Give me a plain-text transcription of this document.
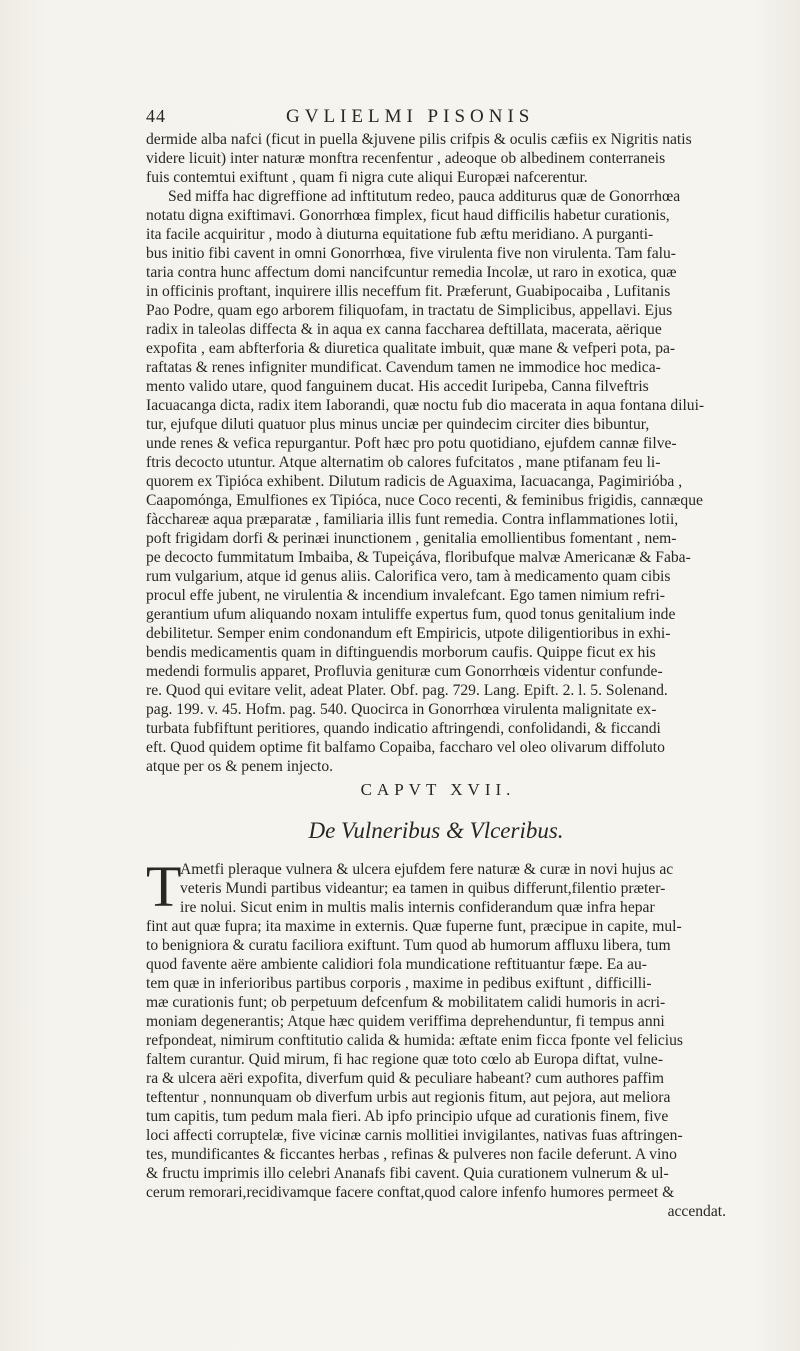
44	GVLIELMI PISONIS
dermide alba nafci (ficut in puella &juvene pilis crifpis & oculis cæfiis ex Nigritis natis
videre licuit) inter naturæ monftra recenfentur , adeoque ob albedinem conterraneis
fuis contemtui exiftunt , quam fi nigra cute aliqui Europæi nafcerentur.
Sed miffa hac digreffione ad inftitutum redeo, pauca additurus quæ de Gonorrhœa
notatu digna exiftimavi. Gonorrhœa fimplex, ficut haud difficilis habetur curationis,
ita facile acquiritur , modo à diuturna equitatione fub æftu meridiano. A purganti-
bus initio fibi cavent in omni Gonorrhœa, five virulenta five non virulenta. Tam falu-
taria contra hunc affectum domi nancifcuntur remedia Incolæ, ut raro in exotica, quæ
in officinis proftant, inquirere illis neceffum fit. Præferunt, Guabipocaiba , Lufitanis
Pao Podre, quam ego arborem filiquofam, in tractatu de Simplicibus, appellavi. Ejus
radix in taleolas diffecta & in aqua ex canna faccharea deftillata, macerata, aërique
expofita , eam abfterforia & diuretica qualitate imbuit, quæ mane & vefperi pota, pa-
raftatas & renes infigniter mundificat. Cavendum tamen ne immodice hoc medica-
mento valido utare, quod fanguinem ducat. His accedit Iuripeba, Canna filveftris
Iacuacanga dicta, radix item Iaborandi, quæ noctu fub dio macerata in aqua fontana dilui-
tur, ejufque diluti quatuor plus minus unciæ per quindecim circiter dies bibuntur,
unde renes & vefica repurgantur. Poft hæc pro potu quotidiano, ejufdem cannæ filve-
ftris decocto utuntur. Atque alternatim ob calores fufcitatos , mane ptifanam feu li-
quorem ex Tipióca exhibent. Dilutum radicis de Aguaxima, Iacuacanga, Pagimirióba ,
Caapomónga, Emulfiones ex Tipióca, nuce Coco recenti, & feminibus frigidis, cannæque
fàcchareæ aqua præparatæ , familiaria illis funt remedia. Contra inflammationes lotii,
poft frigidam dorfi & perinæi inunctionem , genitalia emollientibus fomentant , nem-
pe decocto fummitatum Imbaiba, & Tupeiçáva, floribufque malvæ Americanæ & Faba-
rum vulgarium, atque id genus aliis. Calorifica vero, tam à medicamento quam cibis
procul effe jubent, ne virulentia & incendium invalefcant. Ego tamen nimium refri-
gerantium ufum aliquando noxam intuliffe expertus fum, quod tonus genitalium inde
debilitetur. Semper enim condonandum eft Empiricis, utpote diligentioribus in exhi-
bendis medicamentis quam in diftinguendis morborum caufis. Quippe ficut ex his
medendi formulis apparet, Profluvia genituræ cum Gonorrhœis videntur confunde-
re. Quod qui evitare velit, adeat Plater. Obf. pag. 729. Lang. Epift. 2. l. 5. Solenand.
pag. 199. v. 45. Hofm. pag. 540. Quocirca in Gonorrhœa virulenta malignitate ex-
turbata fubfiftunt peritiores, quando indicatio aftringendi, confolidandi, & ficcandi
eft. Quod quidem optime fit balfamo Copaiba, faccharo vel oleo olivarum diffoluto
atque per os & penem injecto.
CAPVT XVII.
De Vulneribus & Vlceribus.
T
Ametfi pleraque vulnera & ulcera ejufdem fere naturæ & curæ in novi hujus ac
veteris Mundi partibus videantur; ea tamen in quibus differunt,filentio præter-
ire nolui. Sicut enim in multis malis internis confiderandum quæ infra hepar
fint aut quæ fupra; ita maxime in externis. Quæ fuperne funt, præcipue in capite, mul-
to benigniora & curatu faciliora exiftunt. Tum quod ab humorum affluxu libera, tum
quod favente aëre ambiente calidiori fola mundicatione reftituantur fæpe. Ea au-
tem quæ in inferioribus partibus corporis , maxime in pedibus exiftunt , difficilli-
mæ curationis funt; ob perpetuum defcenfum & mobilitatem calidi humoris in acri-
moniam degenerantis; Atque hæc quidem veriffima deprehenduntur, fi tempus anni
refpondeat, nimirum conftitutio calida & humida: æftate enim ficca fponte vel felicius
faltem curantur. Quid mirum, fi hac regione quæ toto cœlo ab Europa diftat, vulne-
ra & ulcera aëri expofita, diverfum quid & peculiare habeant? cum authores paffim
teftentur , nonnunquam ob diverfum urbis aut regionis fitum, aut pejora, aut meliora
tum capitis, tum pedum mala fieri. Ab ipfo principio ufque ad curationis finem, five
loci affecti corruptelæ, five vicinæ carnis mollitiei invigilantes, nativas fuas aftringen-
tes, mundificantes & ficcantes herbas , refinas & pulveres non facile deferunt. A vino
& fructu imprimis illo celebri Ananafs fibi cavent. Quia curationem vulnerum & ul-
cerum remorari,recidivamque facere conftat,quod calore infenfo humores permeet &
accendat.
